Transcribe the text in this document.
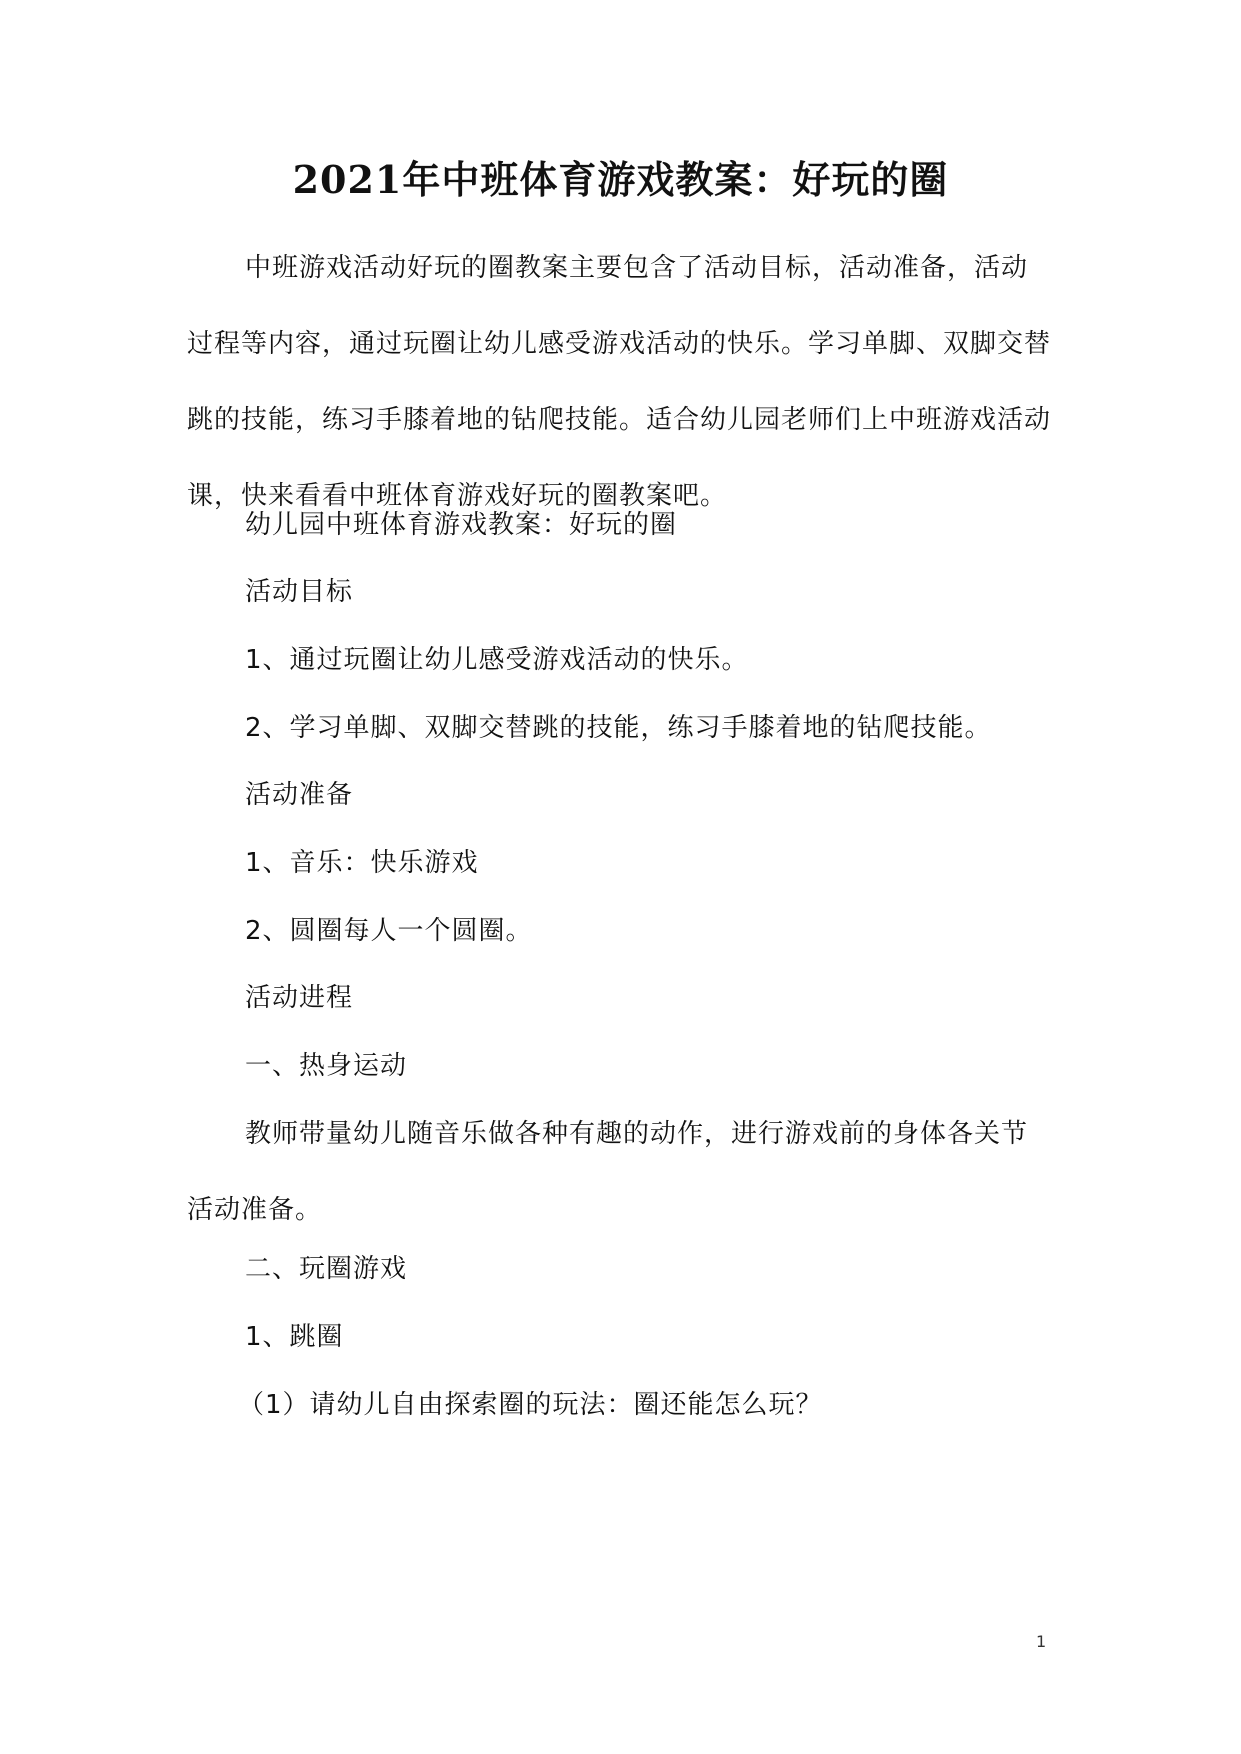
2021年中班体育游戏教案：好玩的圈

中班游戏活动好玩的圈教案主要包含了活动目标，活动准备，活动过程等内容，通过玩圈让幼儿感受游戏活动的快乐。学习单脚、双脚交替跳的技能，练习手膝着地的钻爬技能。适合幼儿园老师们上中班游戏活动课，快来看看中班体育游戏好玩的圈教案吧。

幼儿园中班体育游戏教案：好玩的圈
活动目标
1、通过玩圈让幼儿感受游戏活动的快乐。
2、学习单脚、双脚交替跳的技能，练习手膝着地的钻爬技能。
活动准备
1、音乐：快乐游戏
2、圆圈每人一个圆圈。
活动进程
一、热身运动

教师带量幼儿随音乐做各种有趣的动作，进行游戏前的身体各关节活动准备。

二、玩圈游戏
1、跳圈
（1）请幼儿自由探索圈的玩法：圈还能怎么玩？
1
